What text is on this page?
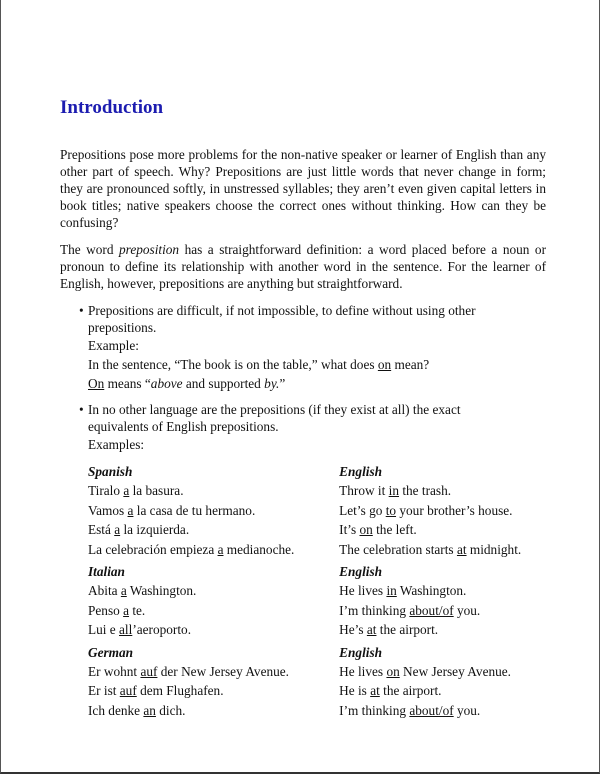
Introduction

Prepositions pose more problems for the non-native speaker or learner of English than any other part of speech. Why? Prepositions are just little words that never change in form; they are pronounced softly, in unstressed syllables; they aren’t even given capital letters in book titles; native speakers choose the correct ones without thinking. How can they be confusing?

The word preposition has a straightforward definition: a word placed before a noun or pronoun to define its relationship with another word in the sentence. For the learner of English, however, prepositions are anything but straightforward.

• Prepositions are difficult, if not impossible, to define without using other
prepositions.
Example:
In the sentence, “The book is on the table,” what does on mean?
On means “above and supported by.”
• In no other language are the prepositions (if they exist at all) the exact
equivalents of English prepositions.
Examples:
Spanish
Tiralo a la basura.
Vamos a la casa de tu hermano.
Está a la izquierda.
La celebración empieza a medianoche.
English
Throw it in the trash.
Let’s go to your brother’s house.
It’s on the left.
The celebration starts at midnight.
Italian
Abita a Washington.
Penso a te.
Lui e all’aeroporto.
English
He lives in Washington.
I’m thinking about/of you.
He’s at the airport.
German
Er wohnt auf der New Jersey Avenue.
Er ist auf dem Flughafen.
Ich denke an dich.
English
He lives on New Jersey Avenue.
He is at the airport.
I’m thinking about/of you.
